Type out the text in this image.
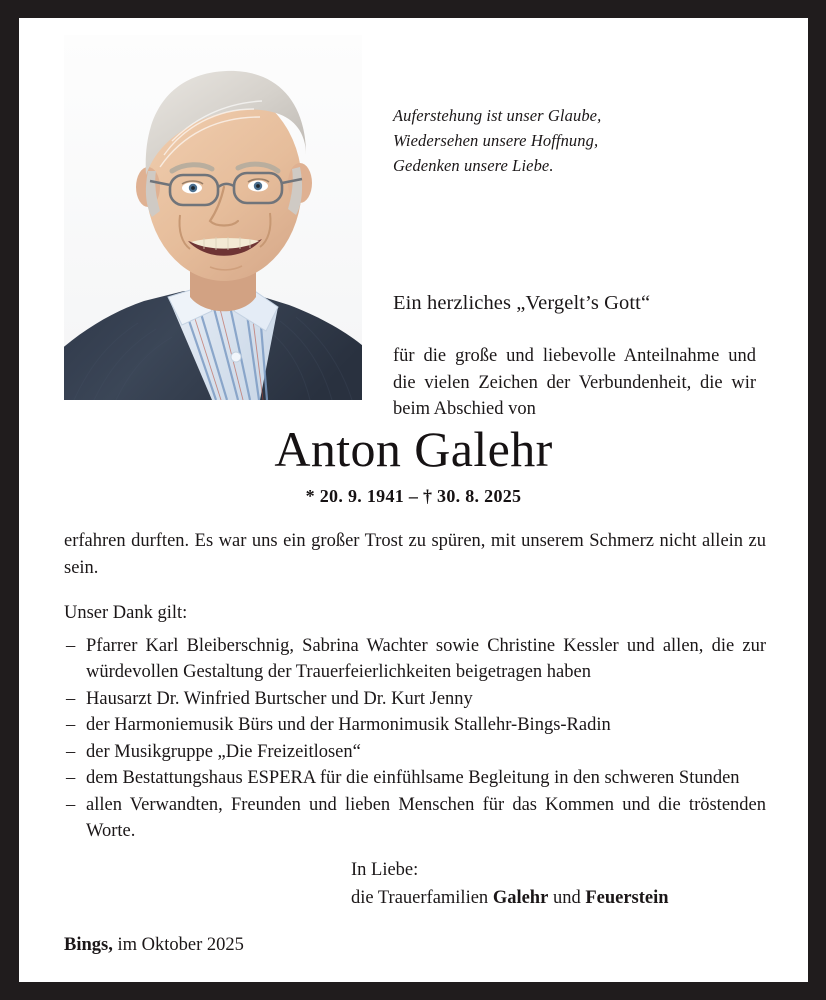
Auferstehung ist unser Glaube,
Wiedersehen unsere Hoffnung,
Gedenken unsere Liebe.
Ein herzliches „Vergelt’s Gott“
für die große und liebevolle Anteilnahme und die vielen Zeichen der Verbundenheit, die wir beim Abschied von
Anton Galehr
* 20. 9. 1941 – † 30. 8. 2025
erfahren durften. Es war uns ein großer Trost zu spüren, mit unserem Schmerz nicht allein zu sein.
Unser Dank gilt:
– Pfarrer Karl Bleiberschnig, Sabrina Wachter sowie Christine Kessler und allen, die zur würdevollen Gestaltung der Trauerfeierlichkeiten beigetragen haben
– Hausarzt Dr. Winfried Burtscher und Dr. Kurt Jenny
– der Harmoniemusik Bürs und der Harmonimusik Stallehr-Bings-Radin
– der Musikgruppe „Die Freizeitlosen“
– dem Bestattungshaus ESPERA für die einfühlsame Begleitung in den schweren Stunden
– allen Verwandten, Freunden und lieben Menschen für das Kommen und die tröstenden Worte.
In Liebe:
die Trauerfamilien Galehr und Feuerstein
Bings, im Oktober 2025
